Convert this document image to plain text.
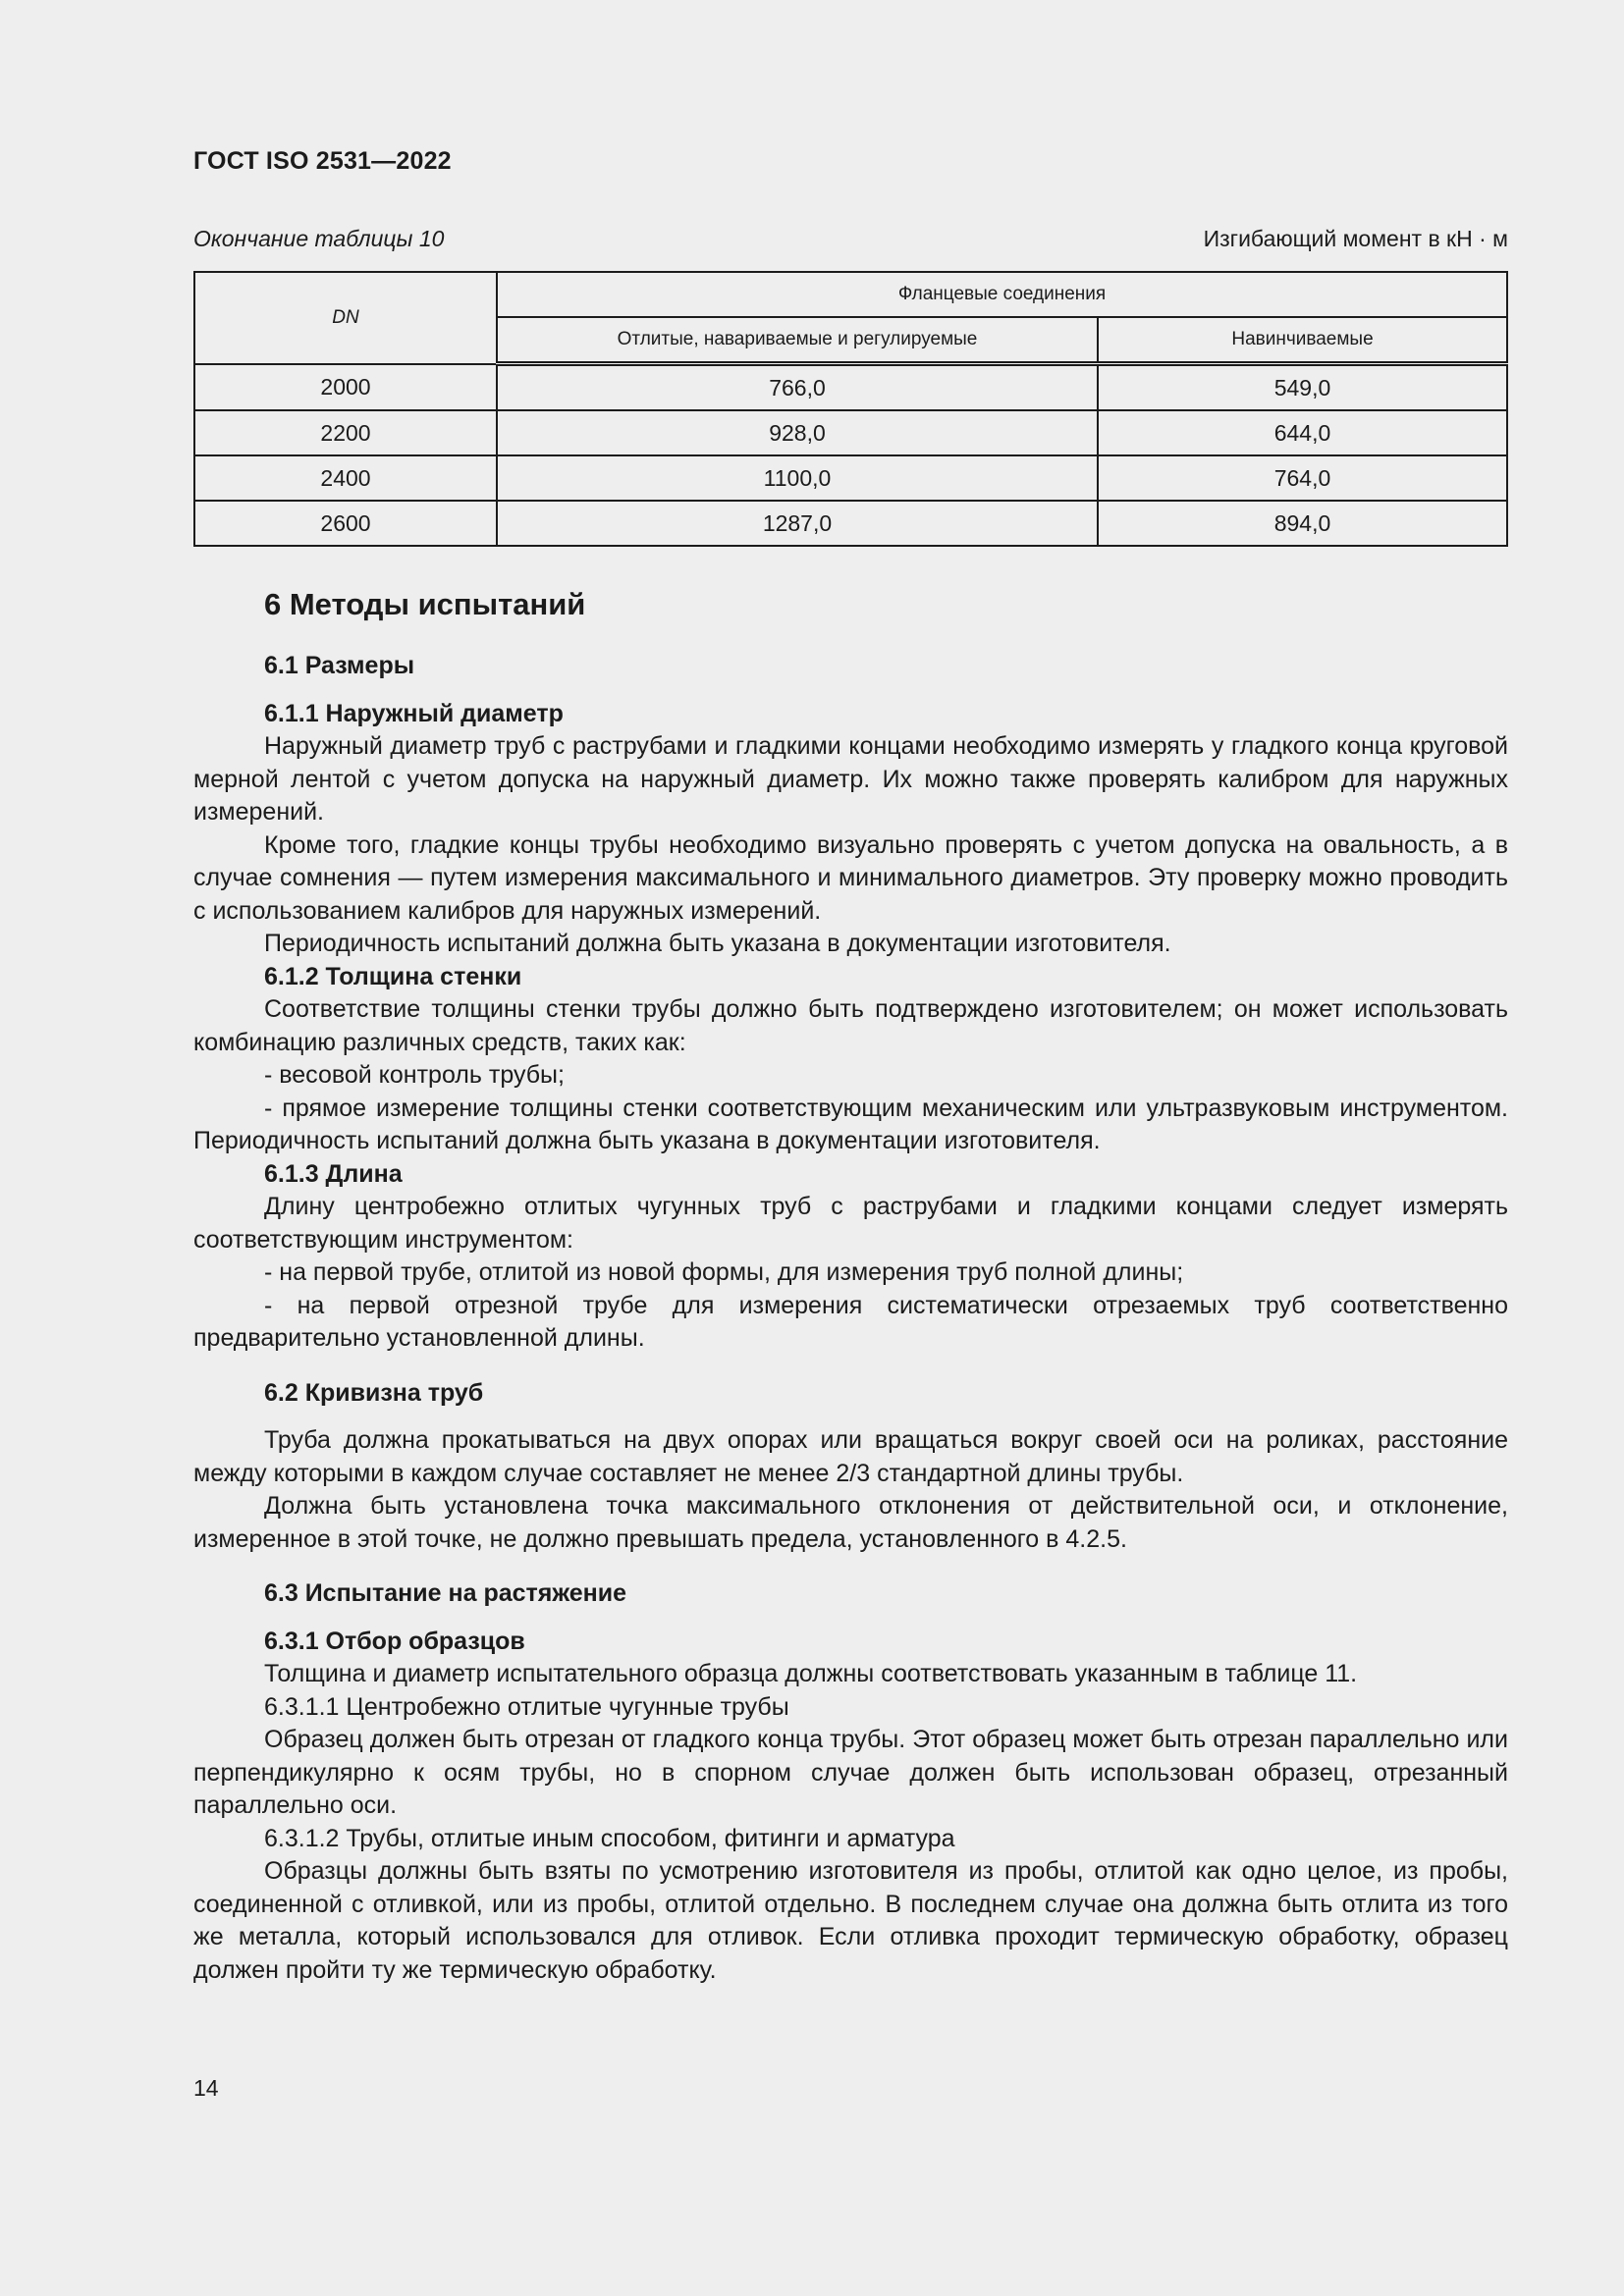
ГОСТ ISO 2531—2022
Окончание таблицы 10	Изгибающий момент в кН · м
DN	Фланцевые соединения	
	Отлитые, навариваемые и регулируемые	Навинчиваемые
2000	766,0	549,0
2200	928,0	644,0
2400	1100,0	764,0
2600	1287,0	894,0

6 Методы испытаний

6.1 Размеры

6.1.1 Наружный диаметр

Наружный диаметр труб с раструбами и гладкими концами необходимо измерять у гладкого конца круговой мерной лентой с учетом допуска на наружный диаметр. Их можно также проверять калибром для наружных измерений.

Кроме того, гладкие концы трубы необходимо визуально проверять с учетом допуска на овальность, а в случае сомнения — путем измерения максимального и минимального диаметров. Эту проверку можно проводить с использованием калибров для наружных измерений.

Периодичность испытаний должна быть указана в документации изготовителя.

6.1.2 Толщина стенки

Соответствие толщины стенки трубы должно быть подтверждено изготовителем; он может использовать комбинацию различных средств, таких как:

- весовой контроль трубы;

- прямое измерение толщины стенки соответствующим механическим или ультразвуковым инструментом. Периодичность испытаний должна быть указана в документации изготовителя.

6.1.3 Длина

Длину центробежно отлитых чугунных труб с раструбами и гладкими концами следует измерять соответствующим инструментом:

- на первой трубе, отлитой из новой формы, для измерения труб полной длины;

- на первой отрезной трубе для измерения систематически отрезаемых труб соответственно предварительно установленной длины.

6.2 Кривизна труб

Труба должна прокатываться на двух опорах или вращаться вокруг своей оси на роликах, расстояние между которыми в каждом случае составляет не менее 2/3 стандартной длины трубы.

Должна быть установлена точка максимального отклонения от действительной оси, и отклонение, измеренное в этой точке, не должно превышать предела, установленного в 4.2.5.

6.3 Испытание на растяжение

6.3.1 Отбор образцов

Толщина и диаметр испытательного образца должны соответствовать указанным в таблице 11.

6.3.1.1 Центробежно отлитые чугунные трубы

Образец должен быть отрезан от гладкого конца трубы. Этот образец может быть отрезан параллельно или перпендикулярно к осям трубы, но в спорном случае должен быть использован образец, отрезанный параллельно оси.

6.3.1.2 Трубы, отлитые иным способом, фитинги и арматура

Образцы должны быть взяты по усмотрению изготовителя из пробы, отлитой как одно целое, из пробы, соединенной с отливкой, или из пробы, отлитой отдельно. В последнем случае она должна быть отлита из того же металла, который использовался для отливок. Если отливка проходит термическую обработку, образец должен пройти ту же термическую обработку.

14
